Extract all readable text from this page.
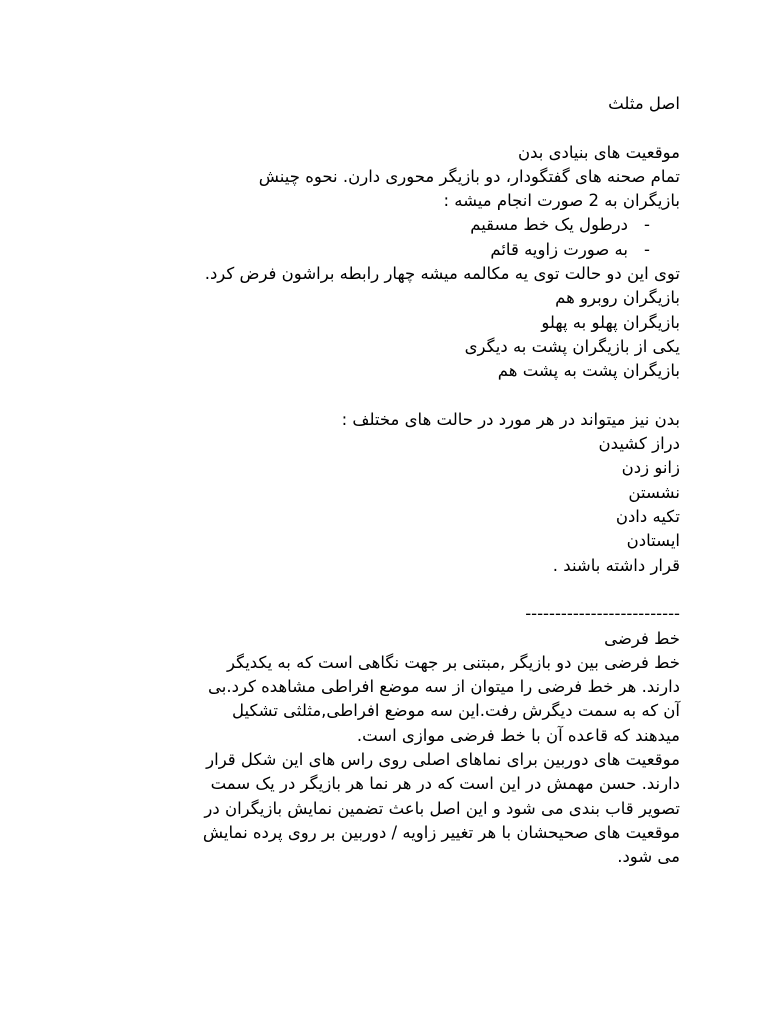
اصل مثلث
موقعیت های بنیادی بدن
تمام صحنه های گفتگودار، دو بازیگر محوری دارن. نحوه چینش
بازیگران به 2 صورت انجام میشه :
-درطول یک خط مسقیم
-به صورت زاویه قائم
توی این دو حالت توی یه مکالمه میشه چهار رابطه براشون فرض کرد.
بازیگران روبرو هم
بازیگران پهلو به پهلو
یکی از بازیگران پشت به دیگری
بازیگران پشت به پشت هم
بدن نیز میتواند در هر مورد در حالت های مختلف :
دراز کشیدن
زانو زدن
نشستن
تکیه دادن
ایستادن
قرار داشته باشند .
--------------------------
خط فرضی
خط فرضی بین دو بازیگر ,مبتنی بر جهت نگاهی است که به یکدیگر
دارند. هر خط فرضی را میتوان از سه موضع افراطی مشاهده کرد.بی
آن که به سمت دیگرش رفت.این سه موضع افراطی,مثلثی تشکیل
میدهند که قاعده آن با خط فرضی موازی است.
موقعیت های دوربین برای نماهای اصلی روی راس های این شکل قرار
دارند. حسن مهمش در این است که در هر نما هر بازیگر در یک سمت
تصویر قاب بندی می شود و این اصل باعث تضمین نمایش بازیگران در
موقعیت های صحیحشان با هر تغییر زاویه / دوربین بر روی پرده نمایش
می شود.
